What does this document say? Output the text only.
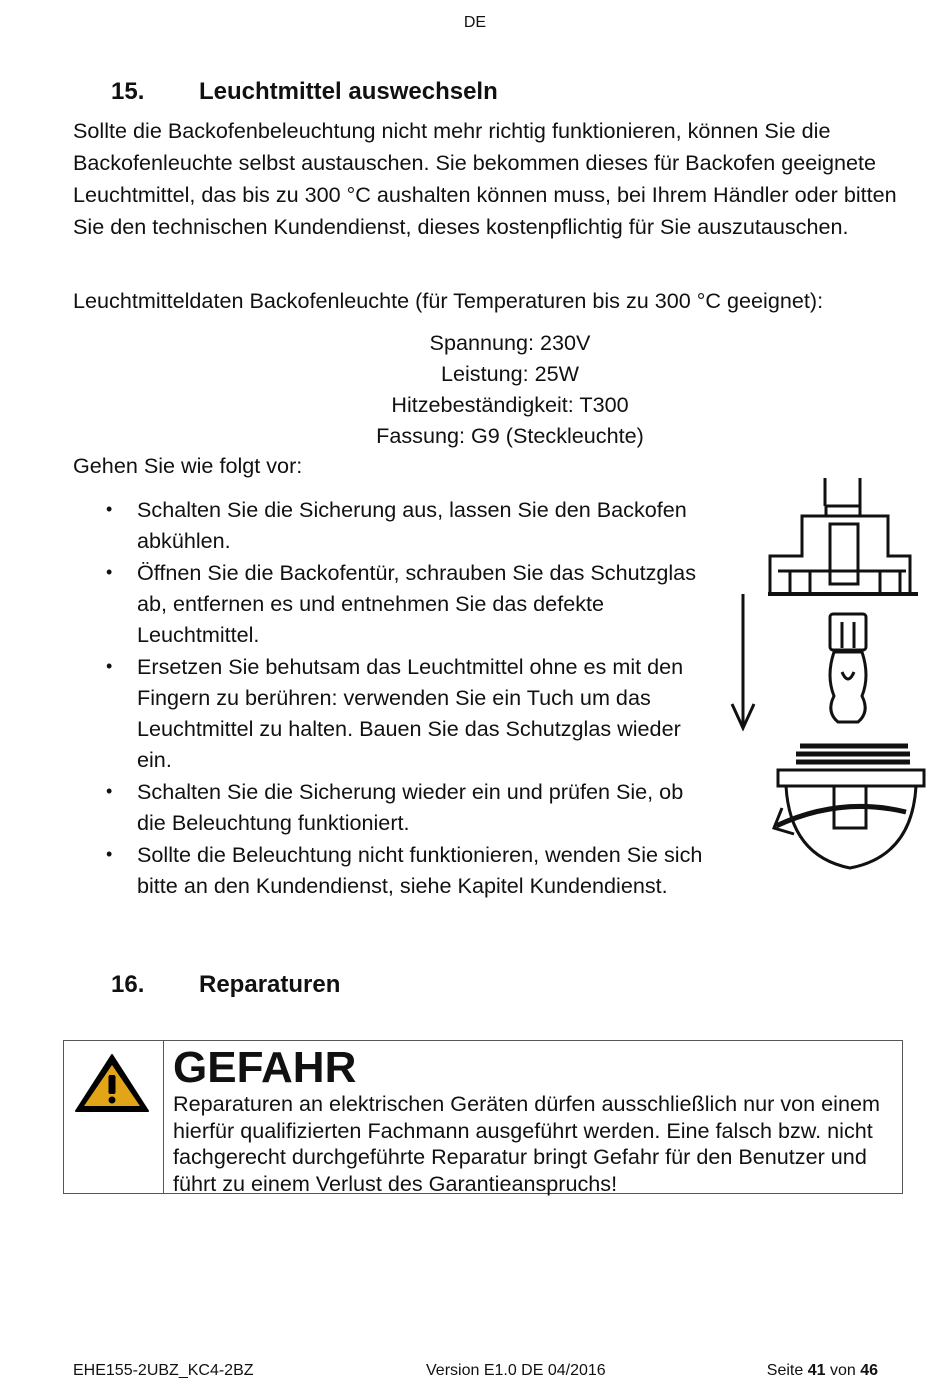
DE
15. Leuchtmittel auswechseln
Sollte die Backofenbeleuchtung nicht mehr richtig funktionieren, können Sie die Backofenleuchte selbst austauschen. Sie bekommen dieses für Backofen geeignete Leuchtmittel, das bis zu 300 °C aushalten können muss, bei Ihrem Händler oder bitten Sie den technischen Kundendienst, dieses kostenpflichtig für Sie auszutauschen.
Leuchtmitteldaten Backofenleuchte (für Temperaturen bis zu 300 °C geeignet):
Spannung: 230V
Leistung: 25W
Hitzebeständigkeit: T300
Fassung: G9 (Steckleuchte)
Gehen Sie wie folgt vor:
• Schalten Sie die Sicherung aus, lassen Sie den Backofen abkühlen.
• Öffnen Sie die Backofentür, schrauben Sie das Schutzglas ab, entfernen es und entnehmen Sie das defekte Leuchtmittel.
• Ersetzen Sie behutsam das Leuchtmittel ohne es mit den Fingern zu berühren: verwenden Sie ein Tuch um das Leuchtmittel zu halten. Bauen Sie das Schutzglas wieder ein.
• Schalten Sie die Sicherung wieder ein und prüfen Sie, ob die Beleuchtung funktioniert.
• Sollte die Beleuchtung nicht funktionieren, wenden Sie sich bitte an den Kundendienst, siehe Kapitel Kundendienst.
16. Reparaturen
GEFAHR
Reparaturen an elektrischen Geräten dürfen ausschließlich nur von einem hierfür qualifizierten Fachmann ausgeführt werden. Eine falsch bzw. nicht fachgerecht durchgeführte Reparatur bringt Gefahr für den Benutzer und führt zu einem Verlust des Garantieanspruchs!
EHE155-2UBZ_KC4-2BZ	Version E1.0 DE 04/2016	Seite 41 von 46
